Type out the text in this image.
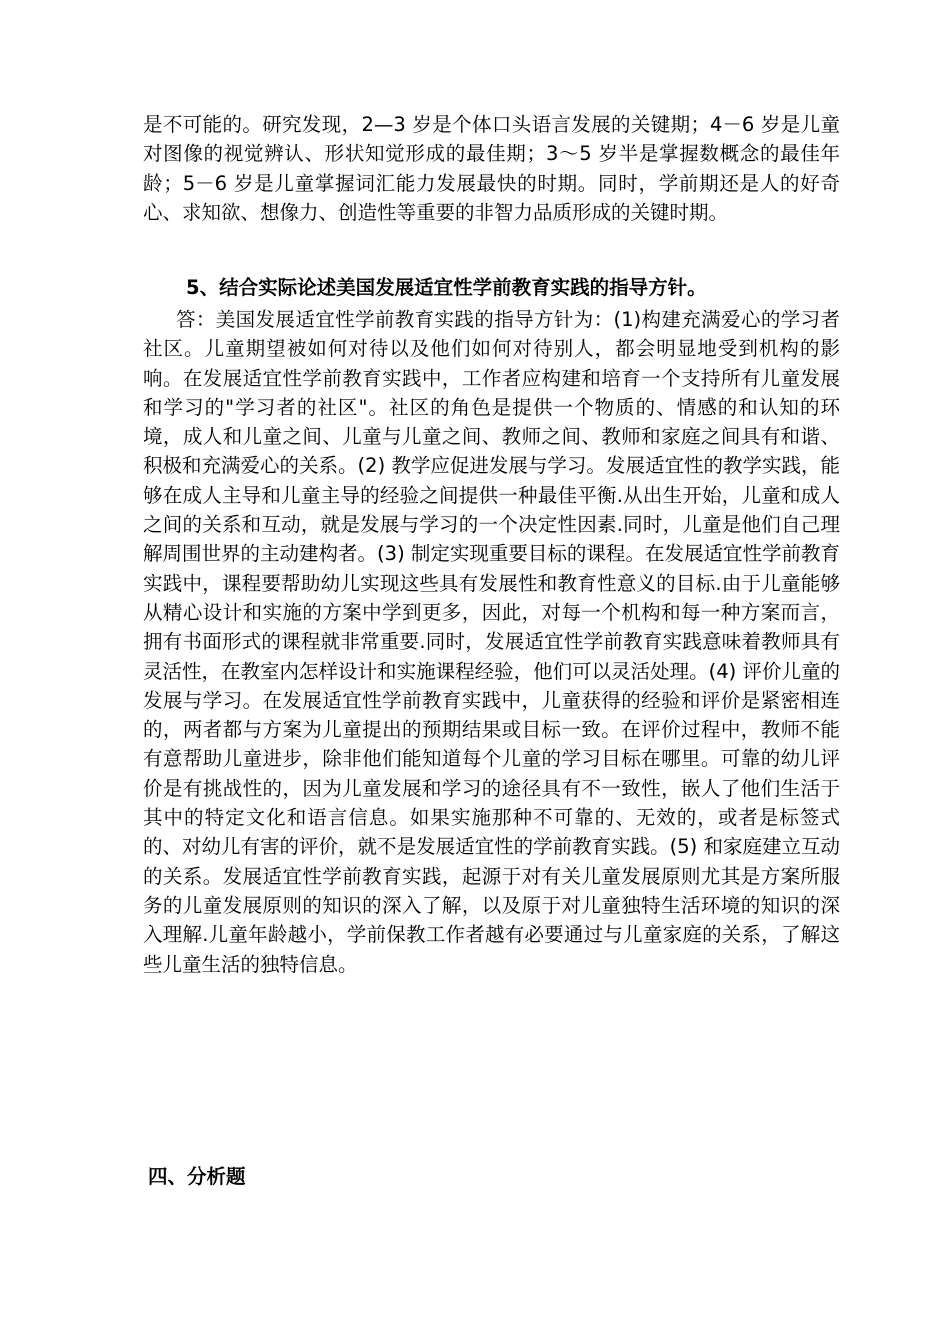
是不可能的。研究发现，2—3 岁是个体口头语言发展的关键期；4－6 岁是儿童对图像的视觉辨认、形状知觉形成的最佳期；3～5 岁半是掌握数概念的最佳年龄；5－6 岁是儿童掌握词汇能力发展最快的时期。同时，学前期还是人的好奇心、求知欲、想像力、创造性等重要的非智力品质形成的关键时期。

5、结合实际论述美国发展适宜性学前教育实践的指导方针。

答：美国发展适宜性学前教育实践的指导方针为：(1)构建充满爱心的学习者社区。儿童期望被如何对待以及他们如何对待别人，都会明显地受到机构的影响。在发展适宜性学前教育实践中，工作者应构建和培育一个支持所有儿童发展和学习的"学习者的社区"。社区的角色是提供一个物质的、情感的和认知的环境，成人和儿童之间、儿童与儿童之间、教师之间、教师和家庭之间具有和谐、积极和充满爱心的关系。(2) 教学应促进发展与学习。发展适宜性的教学实践，能够在成人主导和儿童主导的经验之间提供一种最佳平衡.从出生开始，儿童和成人之间的关系和互动，就是发展与学习的一个决定性因素.同时，儿童是他们自己理解周围世界的主动建构者。(3) 制定实现重要目标的课程。在发展适宜性学前教育实践中，课程要帮助幼儿实现这些具有发展性和教育性意义的目标.由于儿童能够从精心设计和实施的方案中学到更多，因此，对每一个机构和每一种方案而言，拥有书面形式的课程就非常重要.同时，发展适宜性学前教育实践意味着教师具有灵活性，在教室内怎样设计和实施课程经验，他们可以灵活处理。(4) 评价儿童的发展与学习。在发展适宜性学前教育实践中，儿童获得的经验和评价是紧密相连的，两者都与方案为儿童提出的预期结果或目标一致。在评价过程中，教师不能有意帮助儿童进步，除非他们能知道每个儿童的学习目标在哪里。可靠的幼儿评价是有挑战性的，因为儿童发展和学习的途径具有不一致性，嵌人了他们生活于其中的特定文化和语言信息。如果实施那种不可靠的、无效的，或者是标签式的、对幼儿有害的评价，就不是发展适宜性的学前教育实践。(5) 和家庭建立互动的关系。发展适宜性学前教育实践，起源于对有关儿童发展原则尤其是方案所服务的儿童发展原则的知识的深入了解，以及原于对儿童独特生活环境的知识的深入理解.儿童年龄越小，学前保教工作者越有必要通过与儿童家庭的关系，了解这些儿童生活的独特信息。

四、分析题
